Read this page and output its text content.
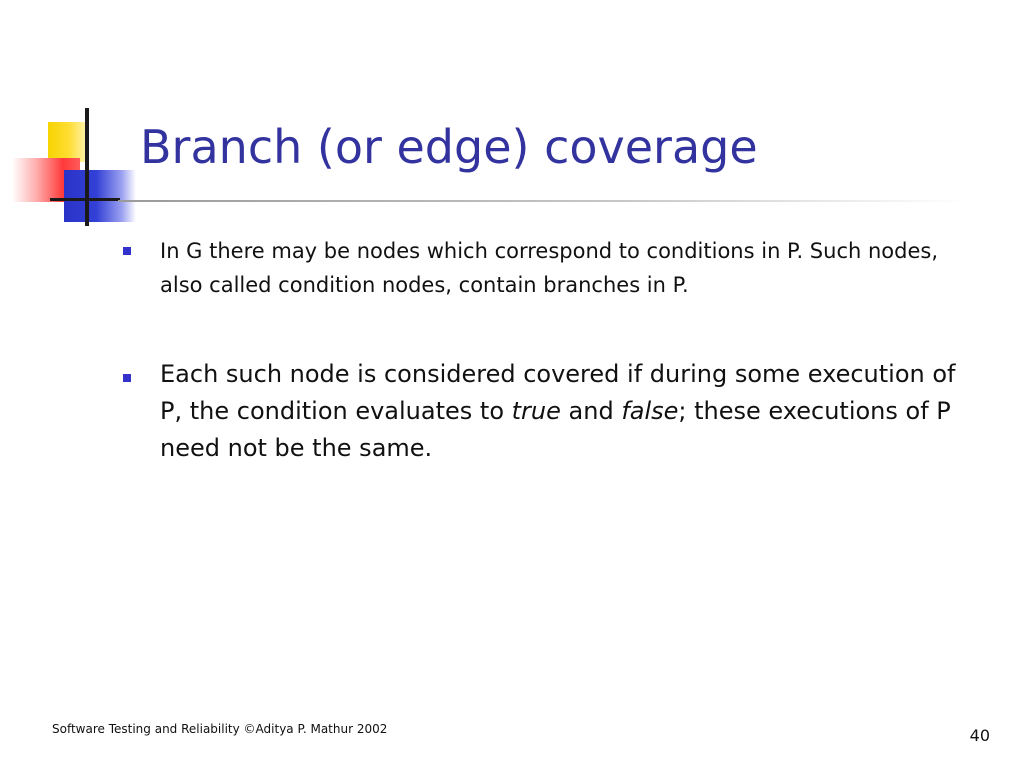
Branch (or edge) coverage
In G there may be nodes which correspond to conditions in P. Such nodes, also called condition nodes, contain branches in P.
Each such node is considered covered if during some execution of P, the condition evaluates to true and false; these executions of P need not be the same.
Software Testing and Reliability ©Aditya P. Mathur 2002	40
